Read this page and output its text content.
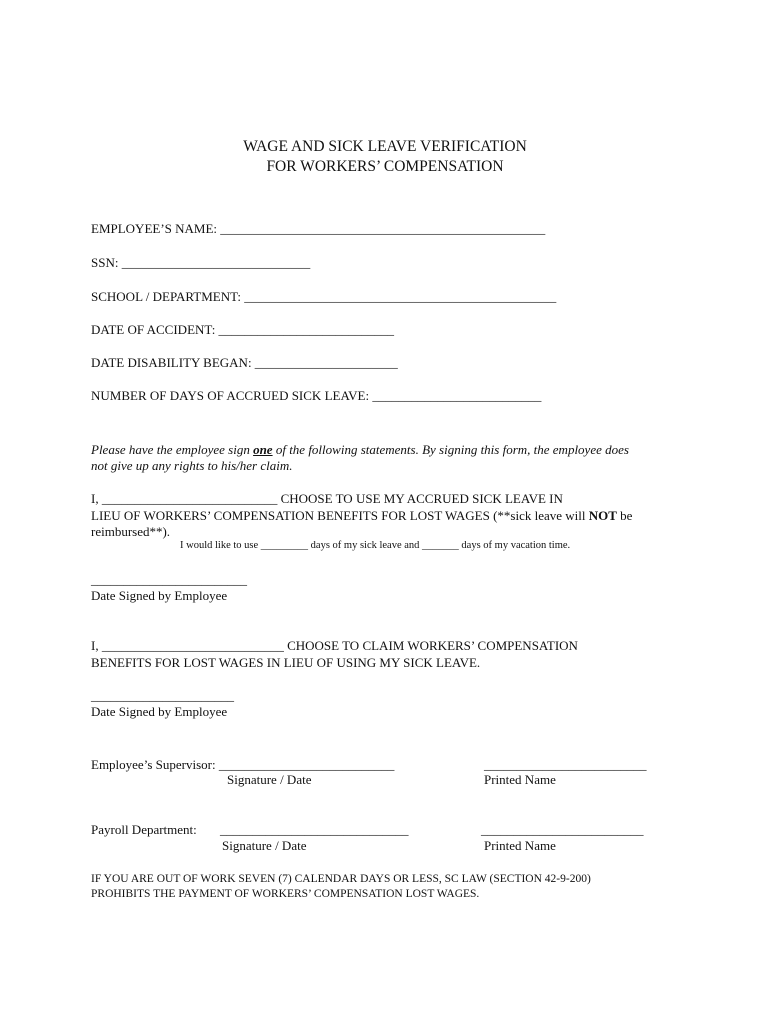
WAGE AND SICK LEAVE VERIFICATION
FOR WORKERS’ COMPENSATION
EMPLOYEE’S NAME: __________________________________________________
SSN: _____________________________
SCHOOL / DEPARTMENT: ________________________________________________
DATE OF ACCIDENT: ___________________________
DATE DISABILITY BEGAN: ______________________
NUMBER OF DAYS OF ACCRUED SICK LEAVE: __________________________
Please have the employee sign one of the following statements. By signing this form, the employee does
not give up any rights to his/her claim.
I, ___________________________ CHOOSE TO USE MY ACCRUED SICK LEAVE IN
LIEU OF WORKERS’ COMPENSATION BENEFITS FOR LOST WAGES (**sick leave will NOT be
reimbursed**).
I would like to use _________ days of my sick leave and _______ days of my vacation time.
________________________
Date Signed by Employee
I, ____________________________ CHOOSE TO CLAIM WORKERS’ COMPENSATION
BENEFITS FOR LOST WAGES IN LIEU OF USING MY SICK LEAVE.
______________________
Date Signed by Employee
Employee’s Supervisor: ___________________________
Signature / Date
_________________________
Printed Name
Payroll Department: _____________________________
Signature / Date
_________________________
Printed Name
IF YOU ARE OUT OF WORK SEVEN (7) CALENDAR DAYS OR LESS, SC LAW (SECTION 42-9-200)
PROHIBITS THE PAYMENT OF WORKERS’ COMPENSATION LOST WAGES.
